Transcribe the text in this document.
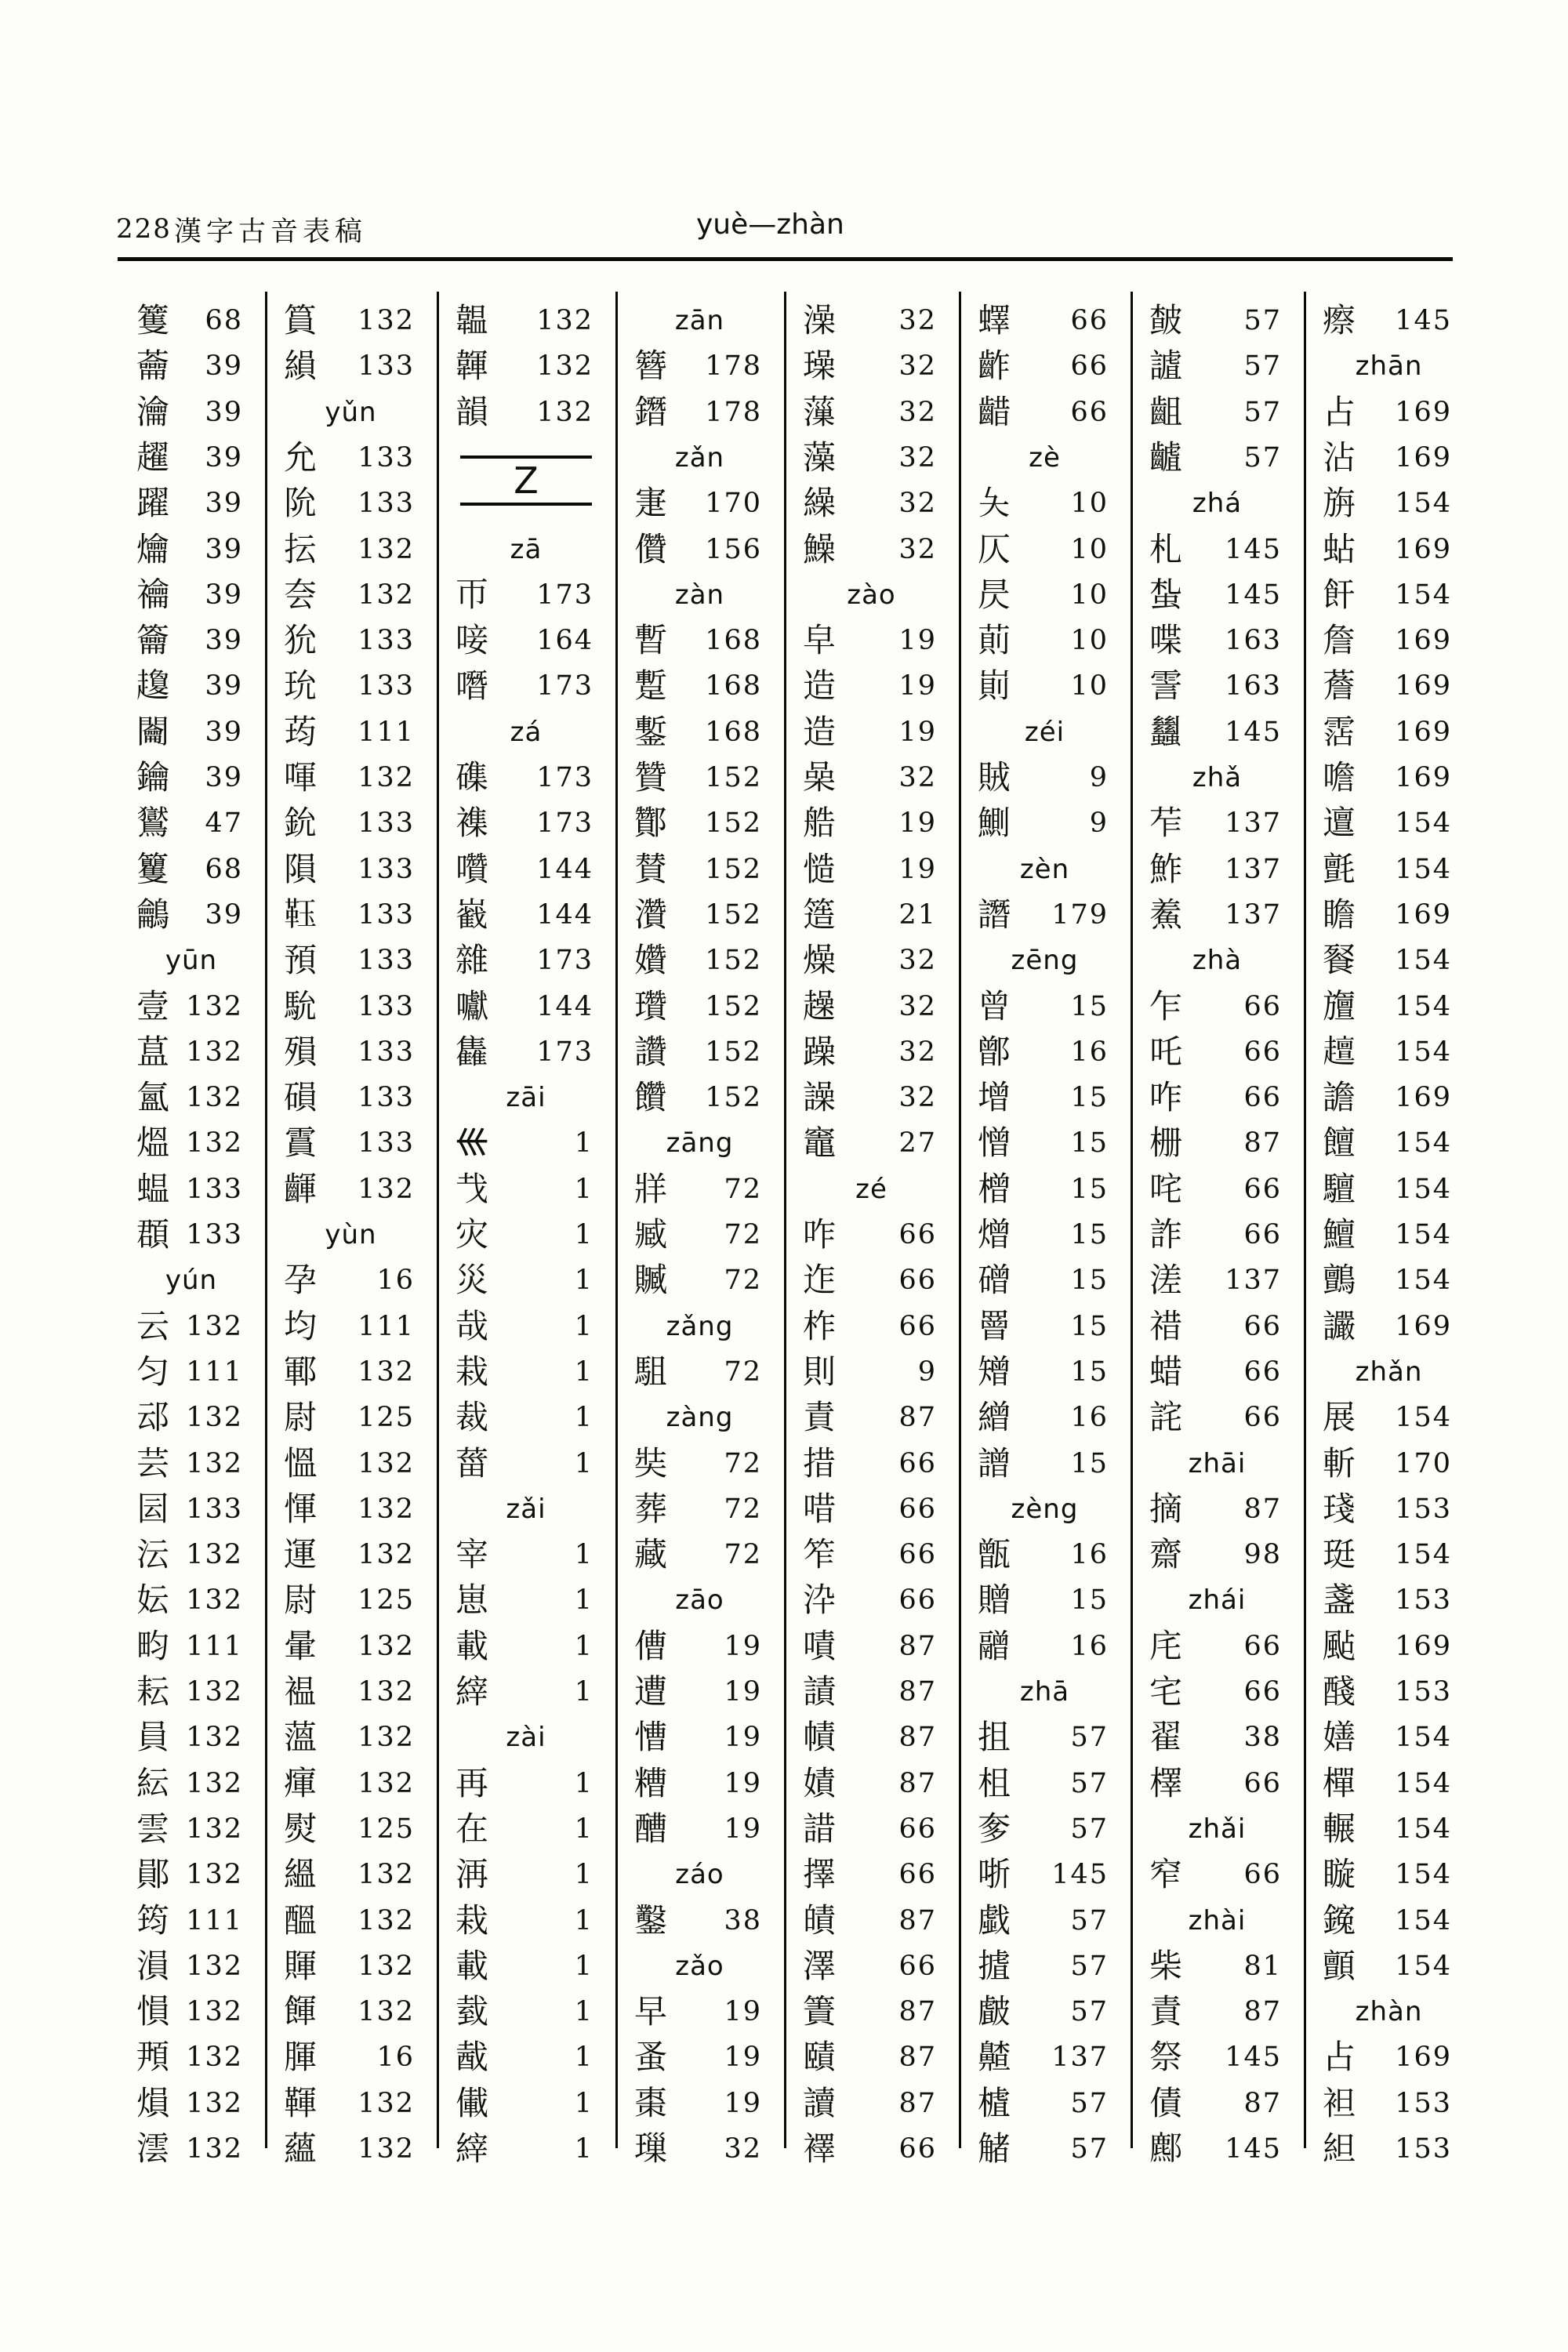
228 漢字古音表稿	yuè—zhàn
籆 68
蘥 39
瀹 39
趯 39
躍 39
爚 39
禴 39
籥 39
𧾣 39
𨷲 39
鑰 39
鸑 47
籰 68
鸙 39
yūn
壹 132
蒀 132
氳 132
熅 132
蝹 133
頵 133
yún
云 132
匀 111
䢵 132
芸 132
囩 133
沄 132
妘 132
畇 111
耘 132
員 132
紜 132
雲 132
鄖 132
筠 111
溳 132
愪 132
䪳 132
熉 132
澐 132
篔 132
縜 133
yǔn
允 133
阭 133
抎 132
夽 132
狁 133
玧 133
荺 111
喗 132
鈗 133
隕 133
𩊇 133
預 133
馻 133
殞 133
磒 133
霣 133
齳 132
yùn
孕 16
均 111
鄆 132
尉 125
慍 132
惲 132
運 132
尉 125
暈 132
褞 132
薀 132
瘒 132
熨 125
縕 132
醞 132
賱 132
餫 132
腪 16
䩵 132
蘊 132
韞 132
韗 132
韻 132
Z
zā
帀 173
唼 164
噆 173
zá
磼 173
襍 173
囋 144
巀 144
雜 173
囐 144
雥 173
zāi
𡿧	1
𢦏	1
灾	1
災	1
哉	1
栽	1
裁	1
葘	1
zǎi
宰	1
崽	1
載	1
縡	1
zài
再	1
在	1
洅	1
栽	1
載	1
臷	1
酨	1
儎	1
縡	1
zān
簪 178
鐕 178
zǎn
寁 170
儹 156
zàn
暫 168
蹔 168
鏨 168
贊 152
酇 152
賛 152
灒 152
㜺 152
瓚 152
讚 152
饡 152
zāng
牂 72
臧 72
贓 72
zǎng
駔 72
zàng
奘 72
葬 72
藏 72
zāo
傮 19
遭 19
慒 19
糟 19
醩 19
záo
鑿 38
zǎo
早 19
蚤 19
棗 19
璅 32
澡 32
璪 32
薻 32
藻 32
繰 32
鱢 32
zào
皁 19
造 19
造 19
喿 32
艁 19
慥 19
簉 21
燥 32
趮 32
躁 32
譟 32
竈 27
zé
咋 66
迮 66
柞 66
則	9
責 87
措 66
唶 66
笮 66
㳃 66
嘖 87
謮 87
幘 87
嫧 87
諎 66
擇 66
皟 87
澤 66
簀 87
賾 87
讀 87
襗 66
蠌 66
齚 66
齰 66
zè
夨 10
仄 10
昃 10
萴 10
崱 10
zéi
賊	9
鰂	9
zèn
譖 179
zēng
曾 15
鄫 16
增 15
憎 15
橧 15
熷 15
磳 15
罾 15
矰 15
繒 16
譄 15
zèng
甑 16
贈 15
䰝 16
zhā
抯 57
柤 57
奓 57
哳 145
戱 57
摣 57
皻 57
齄 137
樝 57
觰 57
皶 57
謯 57
齟 57
䶥 57
zhá
札 145
蚻 145
喋 163
霅 163
蠿 145
zhǎ
苲 137
鮓 137
鮺 137
zhà
乍 66
吒 66
咋 66
栅 87
咤 66
詐 66
溠 137
䄍 66
蜡 66
詫 66
zhāi
摘 87
齋 98
zhái
㡯 66
宅 66
翟 38
檡 66
zhǎi
窄 66
zhài
柴 81
責 87
祭 145
債 87
𨞻 145
瘵 145
zhān
占 169
沾 169
旃 154
蛅 169
飦 154
詹 169
薝 169
霑 169
噡 169
邅 154
氈 154
瞻 169
䬸 154
旜 154
𧾍 154
譫 169
饘 154
驙 154
鱣 154
鸇 154
讝 169
zhǎn
展 154
斬 170
琖 153
珽 154
盞 153
颭 169
醆 153
嫸 154
樿 154
輾 154
䁢 154
䥉 154
顫 154
zhàn
占 169
袒 153
䋎 153
